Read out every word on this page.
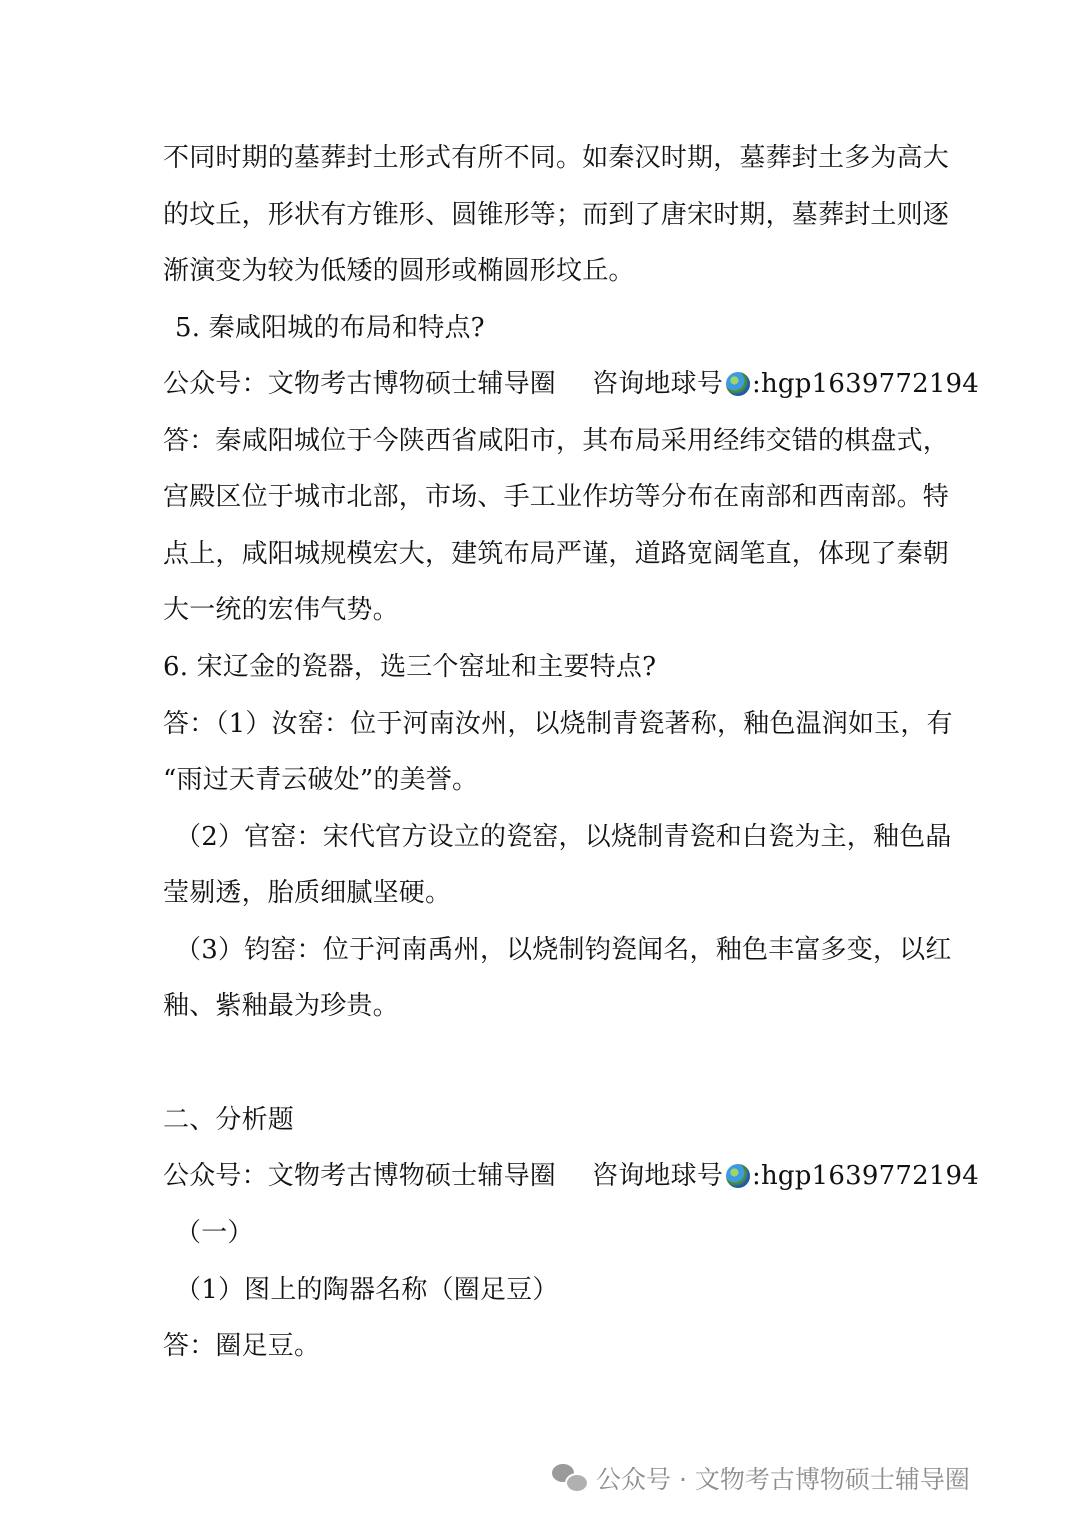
不同时期的墓葬封土形式有所不同。如秦汉时期，墓葬封土多为高大
的坟丘，形状有方锥形、圆锥形等；而到了唐宋时期，墓葬封土则逐
渐演变为较为低矮的圆形或椭圆形坟丘。
5. 秦咸阳城的布局和特点?
公众号：文物考古博物硕士辅导圈 咨询地球号 :hgp1639772194
答：秦咸阳城位于今陕西省咸阳市，其布局采用经纬交错的棋盘式，
宫殿区位于城市北部，市场、手工业作坊等分布在南部和西南部。特
点上，咸阳城规模宏大，建筑布局严谨，道路宽阔笔直，体现了秦朝
大一统的宏伟气势。
6. 宋辽金的瓷器，选三个窑址和主要特点?
答：（1）汝窑：位于河南汝州，以烧制青瓷著称，釉色温润如玉，有
“雨过天青云破处”的美誉。
（2）官窑：宋代官方设立的瓷窑，以烧制青瓷和白瓷为主，釉色晶
莹剔透，胎质细腻坚硬。
（3）钧窑：位于河南禹州，以烧制钧瓷闻名，釉色丰富多变，以红
釉、紫釉最为珍贵。
二、分析题
公众号：文物考古博物硕士辅导圈 咨询地球号 :hgp1639772194
（一）
（1）图上的陶器名称（圈足豆）
答：圈足豆。
公众号 · 文物考古博物硕士辅导圈
